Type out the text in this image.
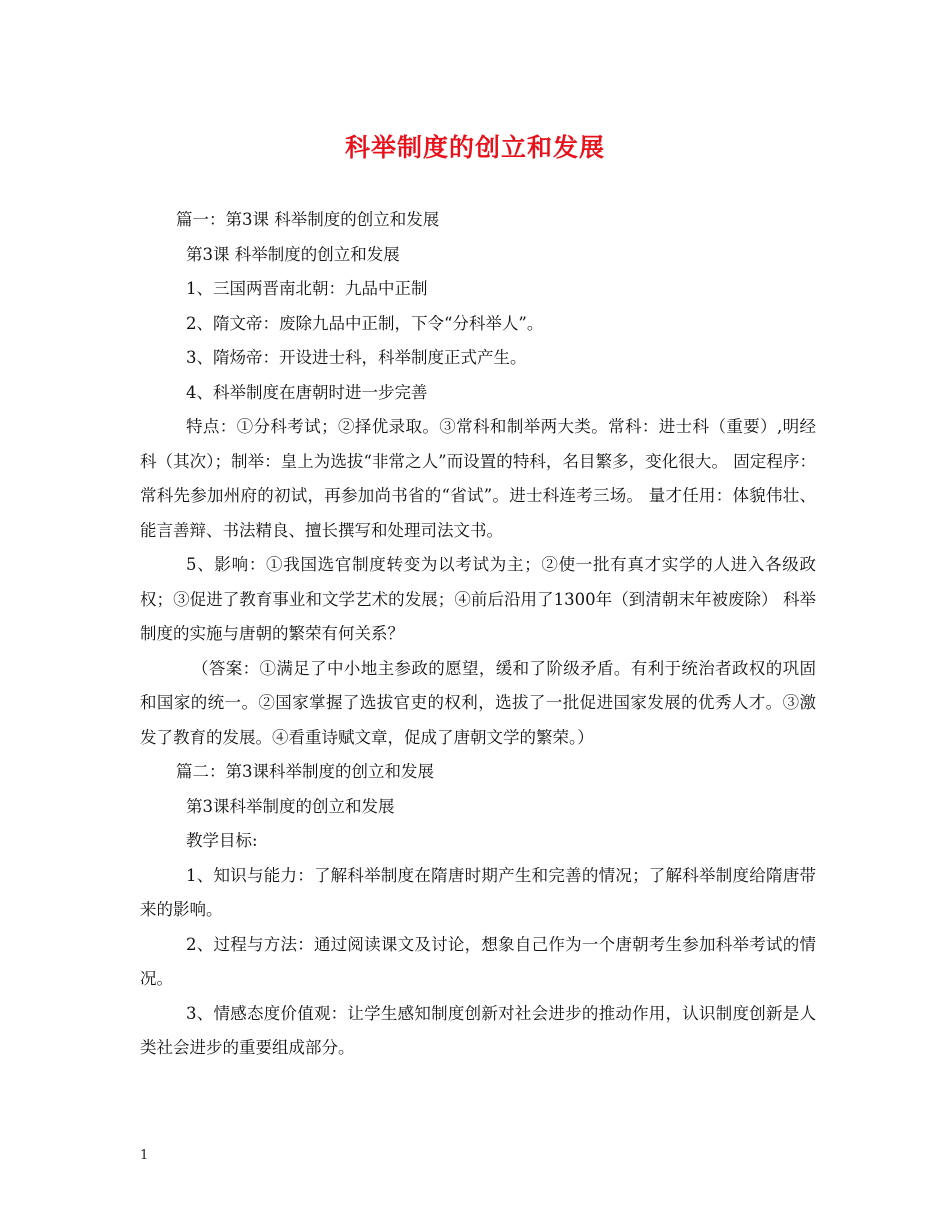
科举制度的创立和发展

篇一：第3课 科举制度的创立和发展

第3课 科举制度的创立和发展

1、三国两晋南北朝：九品中正制

2、隋文帝：废除九品中正制，下令“分科举人”。

3、隋炀帝：开设进士科，科举制度正式产生。

4、科举制度在唐朝时进一步完善

特点：①分科考试；②择优录取。③常科和制举两大类。常科：进士科（重要）,明经科（其次）；制举：皇上为选拔“非常之人”而设置的特科，名目繁多，变化很大。 固定程序：常科先参加州府的初试，再参加尚书省的“省试”。进士科连考三场。 量才任用：体貌伟壮、能言善辩、书法精良、擅长撰写和处理司法文书。

5、影响：①我国选官制度转变为以考试为主；②使一批有真才实学的人进入各级政权；③促进了教育事业和文学艺术的发展；④前后沿用了1300年（到清朝末年被废除） 科举制度的实施与唐朝的繁荣有何关系？

（答案：①满足了中小地主参政的愿望，缓和了阶级矛盾。有利于统治者政权的巩固和国家的统一。②国家掌握了选拔官吏的权利，选拔了一批促进国家发展的优秀人才。③激发了教育的发展。④看重诗赋文章，促成了唐朝文学的繁荣。）

篇二：第3课科举制度的创立和发展

第3课科举制度的创立和发展

教学目标:

1、知识与能力：了解科举制度在隋唐时期产生和完善的情况；了解科举制度给隋唐带来的影响。

2、过程与方法：通过阅读课文及讨论，想象自己作为一个唐朝考生参加科举考试的情况。

3、情感态度价值观：让学生感知制度创新对社会进步的推动作用，认识制度创新是人类社会进步的重要组成部分。

1
